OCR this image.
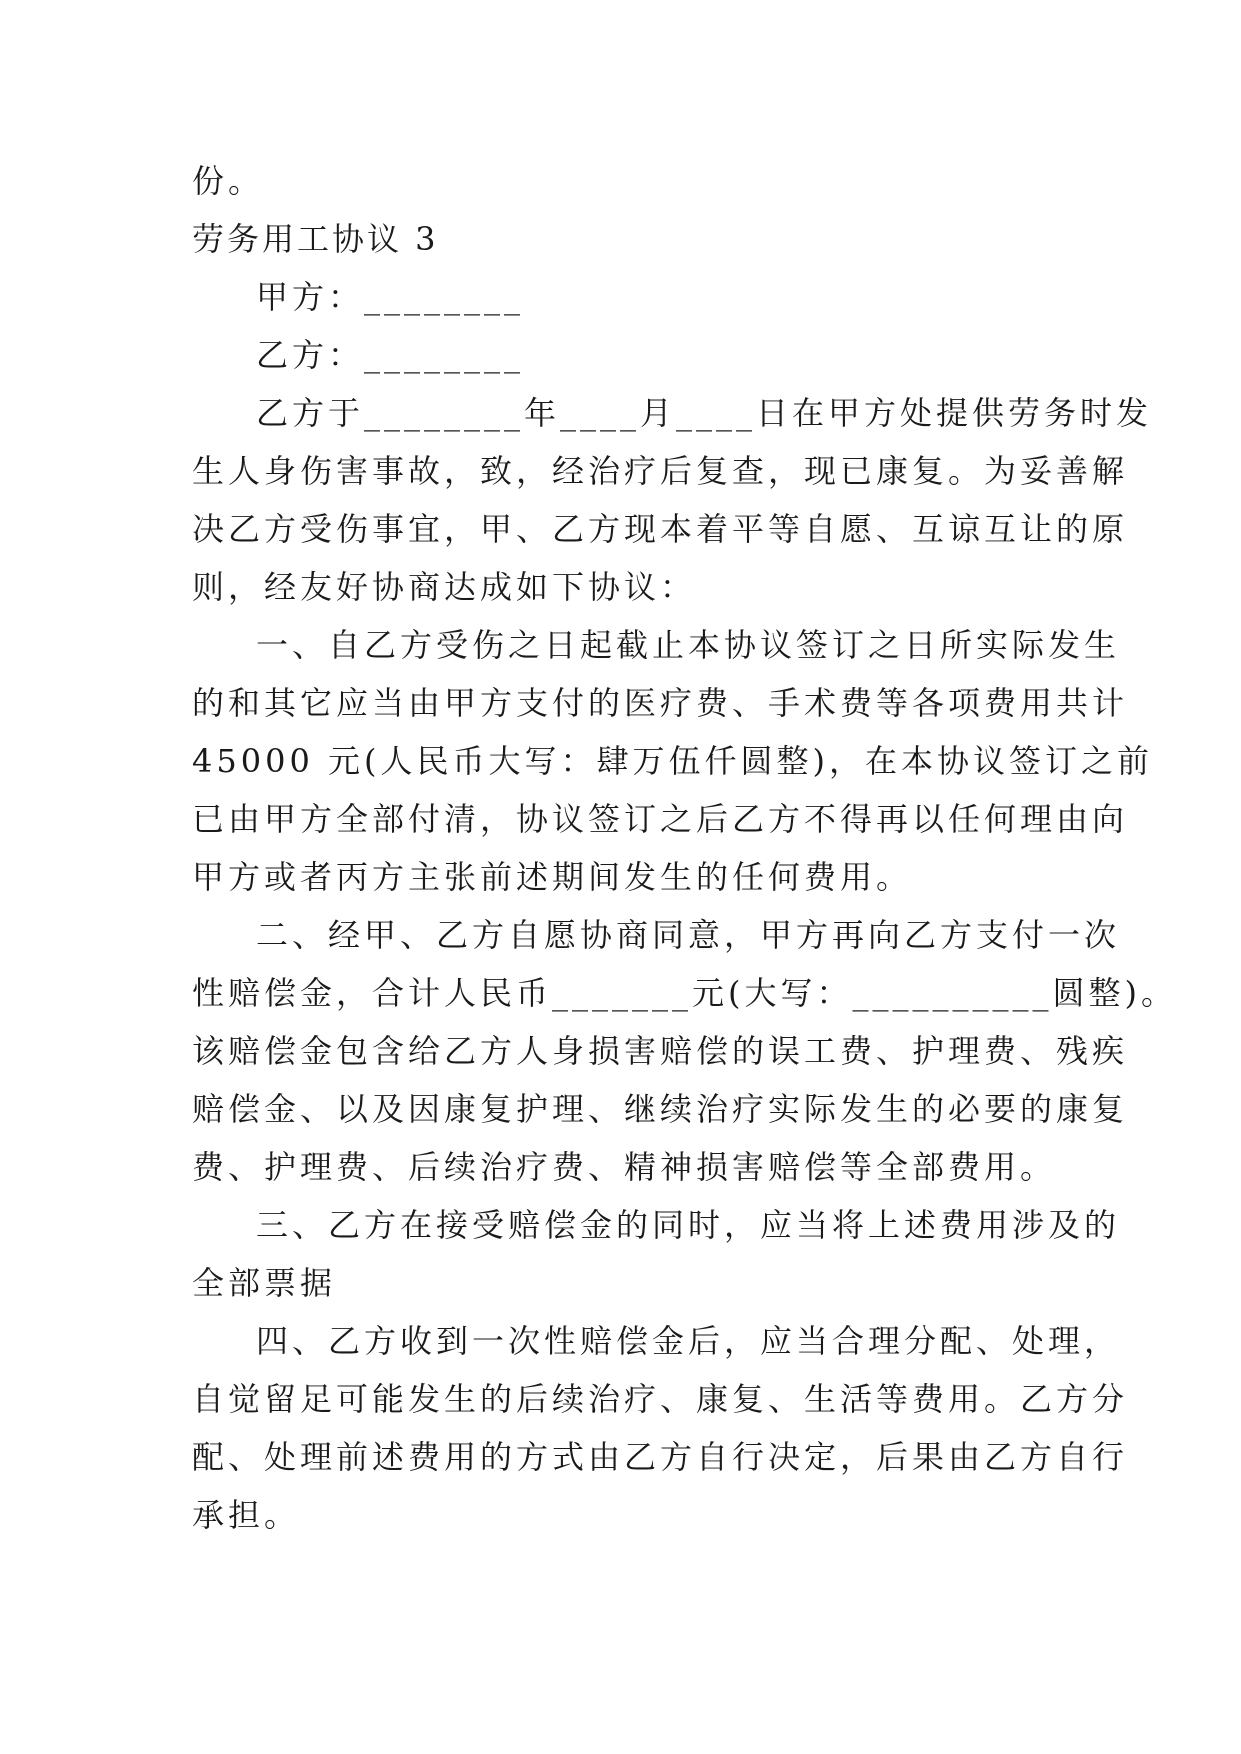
份。
劳务用工协议 3
甲方：________
乙方：________
乙方于________年____月____日在甲方处提供劳务时发
生人身伤害事故，致，经治疗后复查，现已康复。为妥善解
决乙方受伤事宜，甲、乙方现本着平等自愿、互谅互让的原
则，经友好协商达成如下协议：
一、自乙方受伤之日起截止本协议签订之日所实际发生
的和其它应当由甲方支付的医疗费、手术费等各项费用共计
45000 元(人民币大写：肆万伍仟圆整)，在本协议签订之前
已由甲方全部付清，协议签订之后乙方不得再以任何理由向
甲方或者丙方主张前述期间发生的任何费用。
二、经甲、乙方自愿协商同意，甲方再向乙方支付一次
性赔偿金，合计人民币_______元(大写：__________圆整)。
该赔偿金包含给乙方人身损害赔偿的误工费、护理费、残疾
赔偿金、以及因康复护理、继续治疗实际发生的必要的康复
费、护理费、后续治疗费、精神损害赔偿等全部费用。
三、乙方在接受赔偿金的同时，应当将上述费用涉及的
全部票据
四、乙方收到一次性赔偿金后，应当合理分配、处理，
自觉留足可能发生的后续治疗、康复、生活等费用。乙方分
配、处理前述费用的方式由乙方自行决定，后果由乙方自行
承担。
